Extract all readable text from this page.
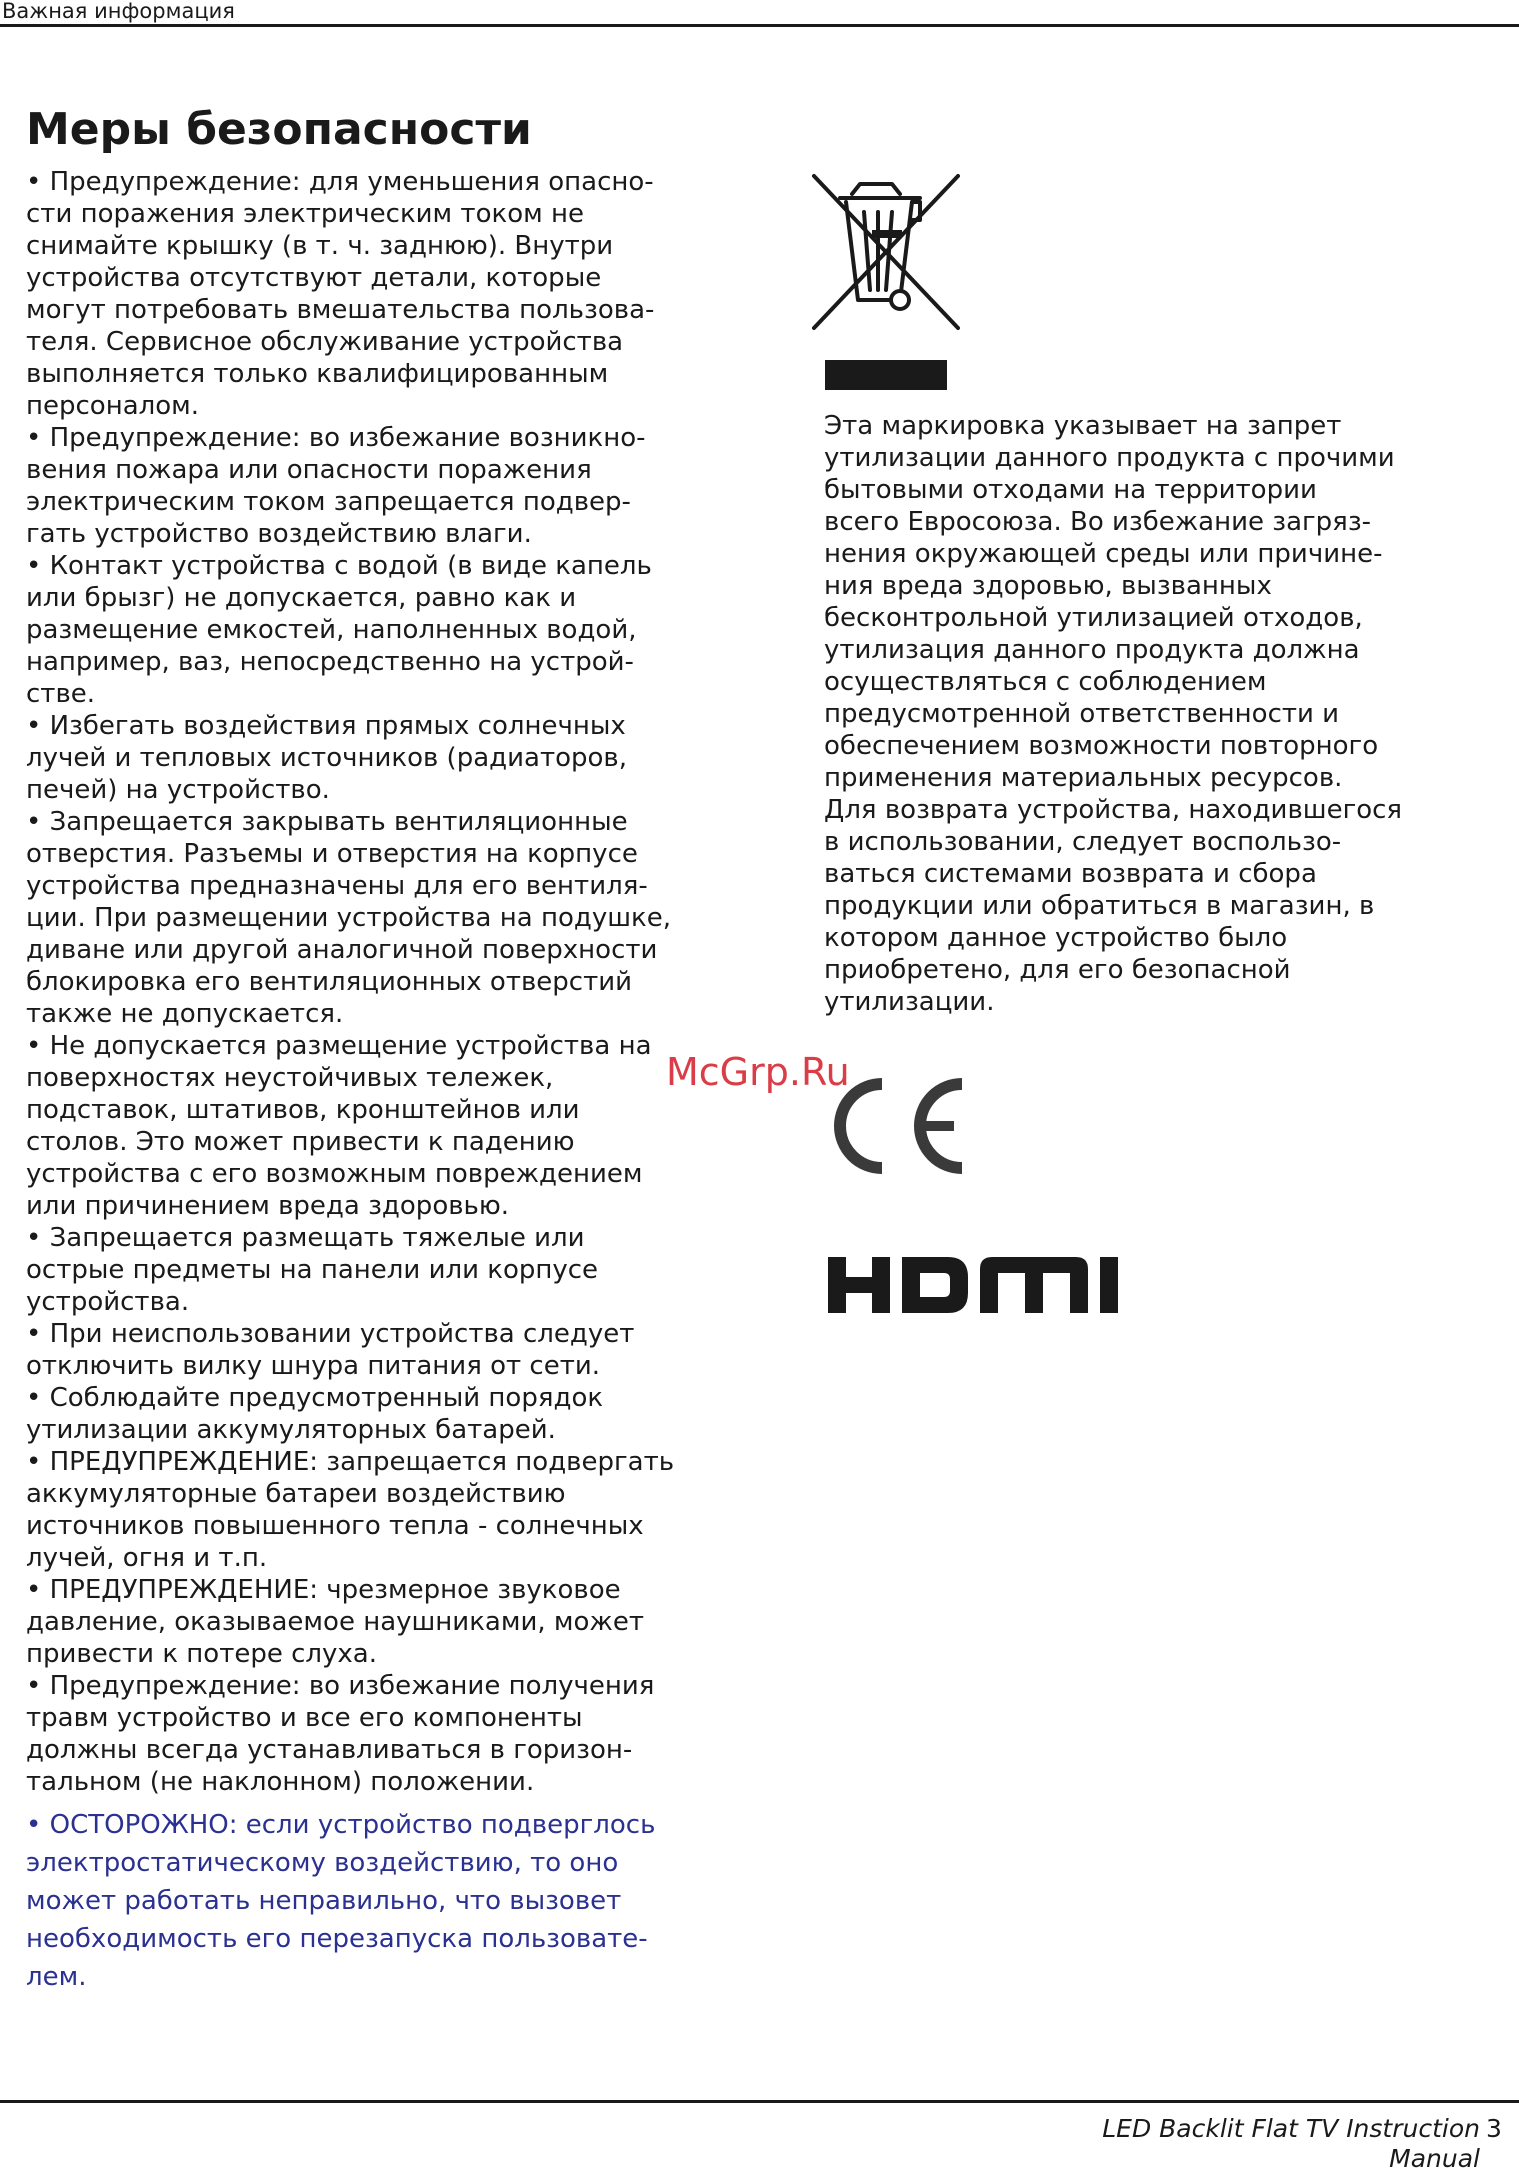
Важная информация
Меры безопасности

• Предупреждение: для уменьшения опасно-
сти поражения электрическим током не
снимайте крышку (в т. ч. заднюю). Внутри
устройства отсутствуют детали, которые
могут потребовать вмешательства пользова-
теля. Сервисное обслуживание устройства
выполняется только квалифицированным
персоналом.

• Предупреждение: во избежание возникно-
вения пожара или опасности поражения
электрическим током запрещается подвер-
гать устройство воздействию влаги.

• Контакт устройства с водой (в виде капель
или брызг) не допускается, равно как и
размещение емкостей, наполненных водой,
например, ваз, непосредственно на устрой-
стве.

• Избегать воздействия прямых солнечных
лучей и тепловых источников (радиаторов,
печей) на устройство.

• Запрещается закрывать вентиляционные
отверстия. Разъемы и отверстия на корпусе
устройства предназначены для его вентиля-
ции. При размещении устройства на подушке,
диване или другой аналогичной поверхности
блокировка его вентиляционных отверстий
также не допускается.

• Не допускается размещение устройства на
поверхностях неустойчивых тележек,
подставок, штативов, кронштейнов или
столов. Это может привести к падению
устройства с его возможным повреждением
или причинением вреда здоровью.

• Запрещается размещать тяжелые или
острые предметы на панели или корпусе
устройства.

• При неиспользовании устройства следует
отключить вилку шнура питания от сети.

• Соблюдайте предусмотренный порядок
утилизации аккумуляторных батарей.

• ПРЕДУПРЕЖДЕНИЕ: запрещается подвергать
аккумуляторные батареи воздействию
источников повышенного тепла - солнечных
лучей, огня и т.п.

• ПРЕДУПРЕЖДЕНИЕ: чрезмерное звуковое
давление, оказываемое наушниками, может
привести к потере слуха.

• Предупреждение: во избежание получения
травм устройство и все его компоненты
должны всегда устанавливаться в горизон-
тальном (не наклонном) положении.

• ОСТОРОЖНО: если устройство подверглось
электростатическому воздействию, то оно
может работать неправильно, что вызовет
необходимость его перезапуска пользовате-
лем.

Эта маркировка указывает на запрет
утилизации данного продукта с прочими
бытовыми отходами на территории
всего Евросоюза. Во избежание загряз-
нения окружающей среды или причине-
ния вреда здоровью, вызванных
бесконтрольной утилизацией отходов,
утилизация данного продукта должна
осуществляться с соблюдением
предусмотренной ответственности и
обеспечением возможности повторного
применения материальных ресурсов.
Для возврата устройства, находившегося
в использовании, следует воспользо-
ваться системами возврата и сбора
продукции или обратиться в магазин, в
котором данное устройство было
приобретено, для его безопасной
утилизации.

McGrp.Ru
LED Backlit Flat TV Instruction Manual
3
